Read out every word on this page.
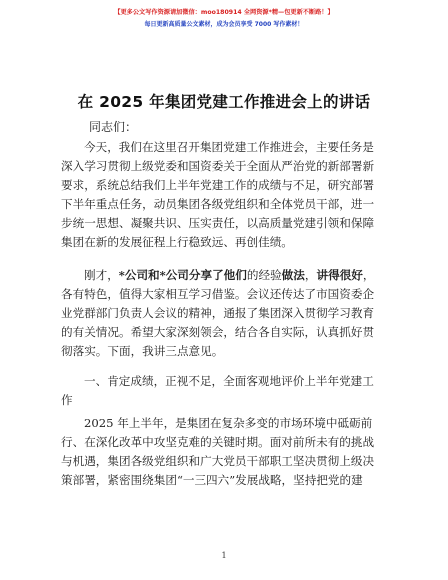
【更多公文写作资源请加微信：moo180914 全网资源*精—包更新不断路！】
每日更新高质量公文素材，成为会员享受 7000 写作素材！
在 2025 年集团党建工作推进会上的讲话
同志们：
今天，我们在这里召开集团党建工作推进会，主要任务是
深入学习贯彻上级党委和国资委关于全面从严治党的新部署新
要求，系统总结我们上半年党建工作的成绩与不足，研究部署
下半年重点任务，动员集团各级党组织和全体党员干部，进一
步统一思想、凝聚共识、压实责任，以高质量党建引领和保障
集团在新的发展征程上行稳致远、再创佳绩。
刚才，*公司和*公司分享了他们的经验做法，讲得很好，
各有特色，值得大家相互学习借鉴。会议还传达了市国资委企
业党群部门负责人会议的精神，通报了集团深入贯彻学习教育
的有关情况。希望大家深刻领会，结合各自实际，认真抓好贯
彻落实。下面，我讲三点意见。
一、肯定成绩，正视不足，全面客观地评价上半年党建工
作
2025 年上半年，是集团在复杂多变的市场环境中砥砺前
行、在深化改革中攻坚克难的关键时期。面对前所未有的挑战
与机遇，集团各级党组织和广大党员干部职工坚决贯彻上级决
策部署，紧密围绕集团“一三四六”发展战略，坚持把党的建
1
